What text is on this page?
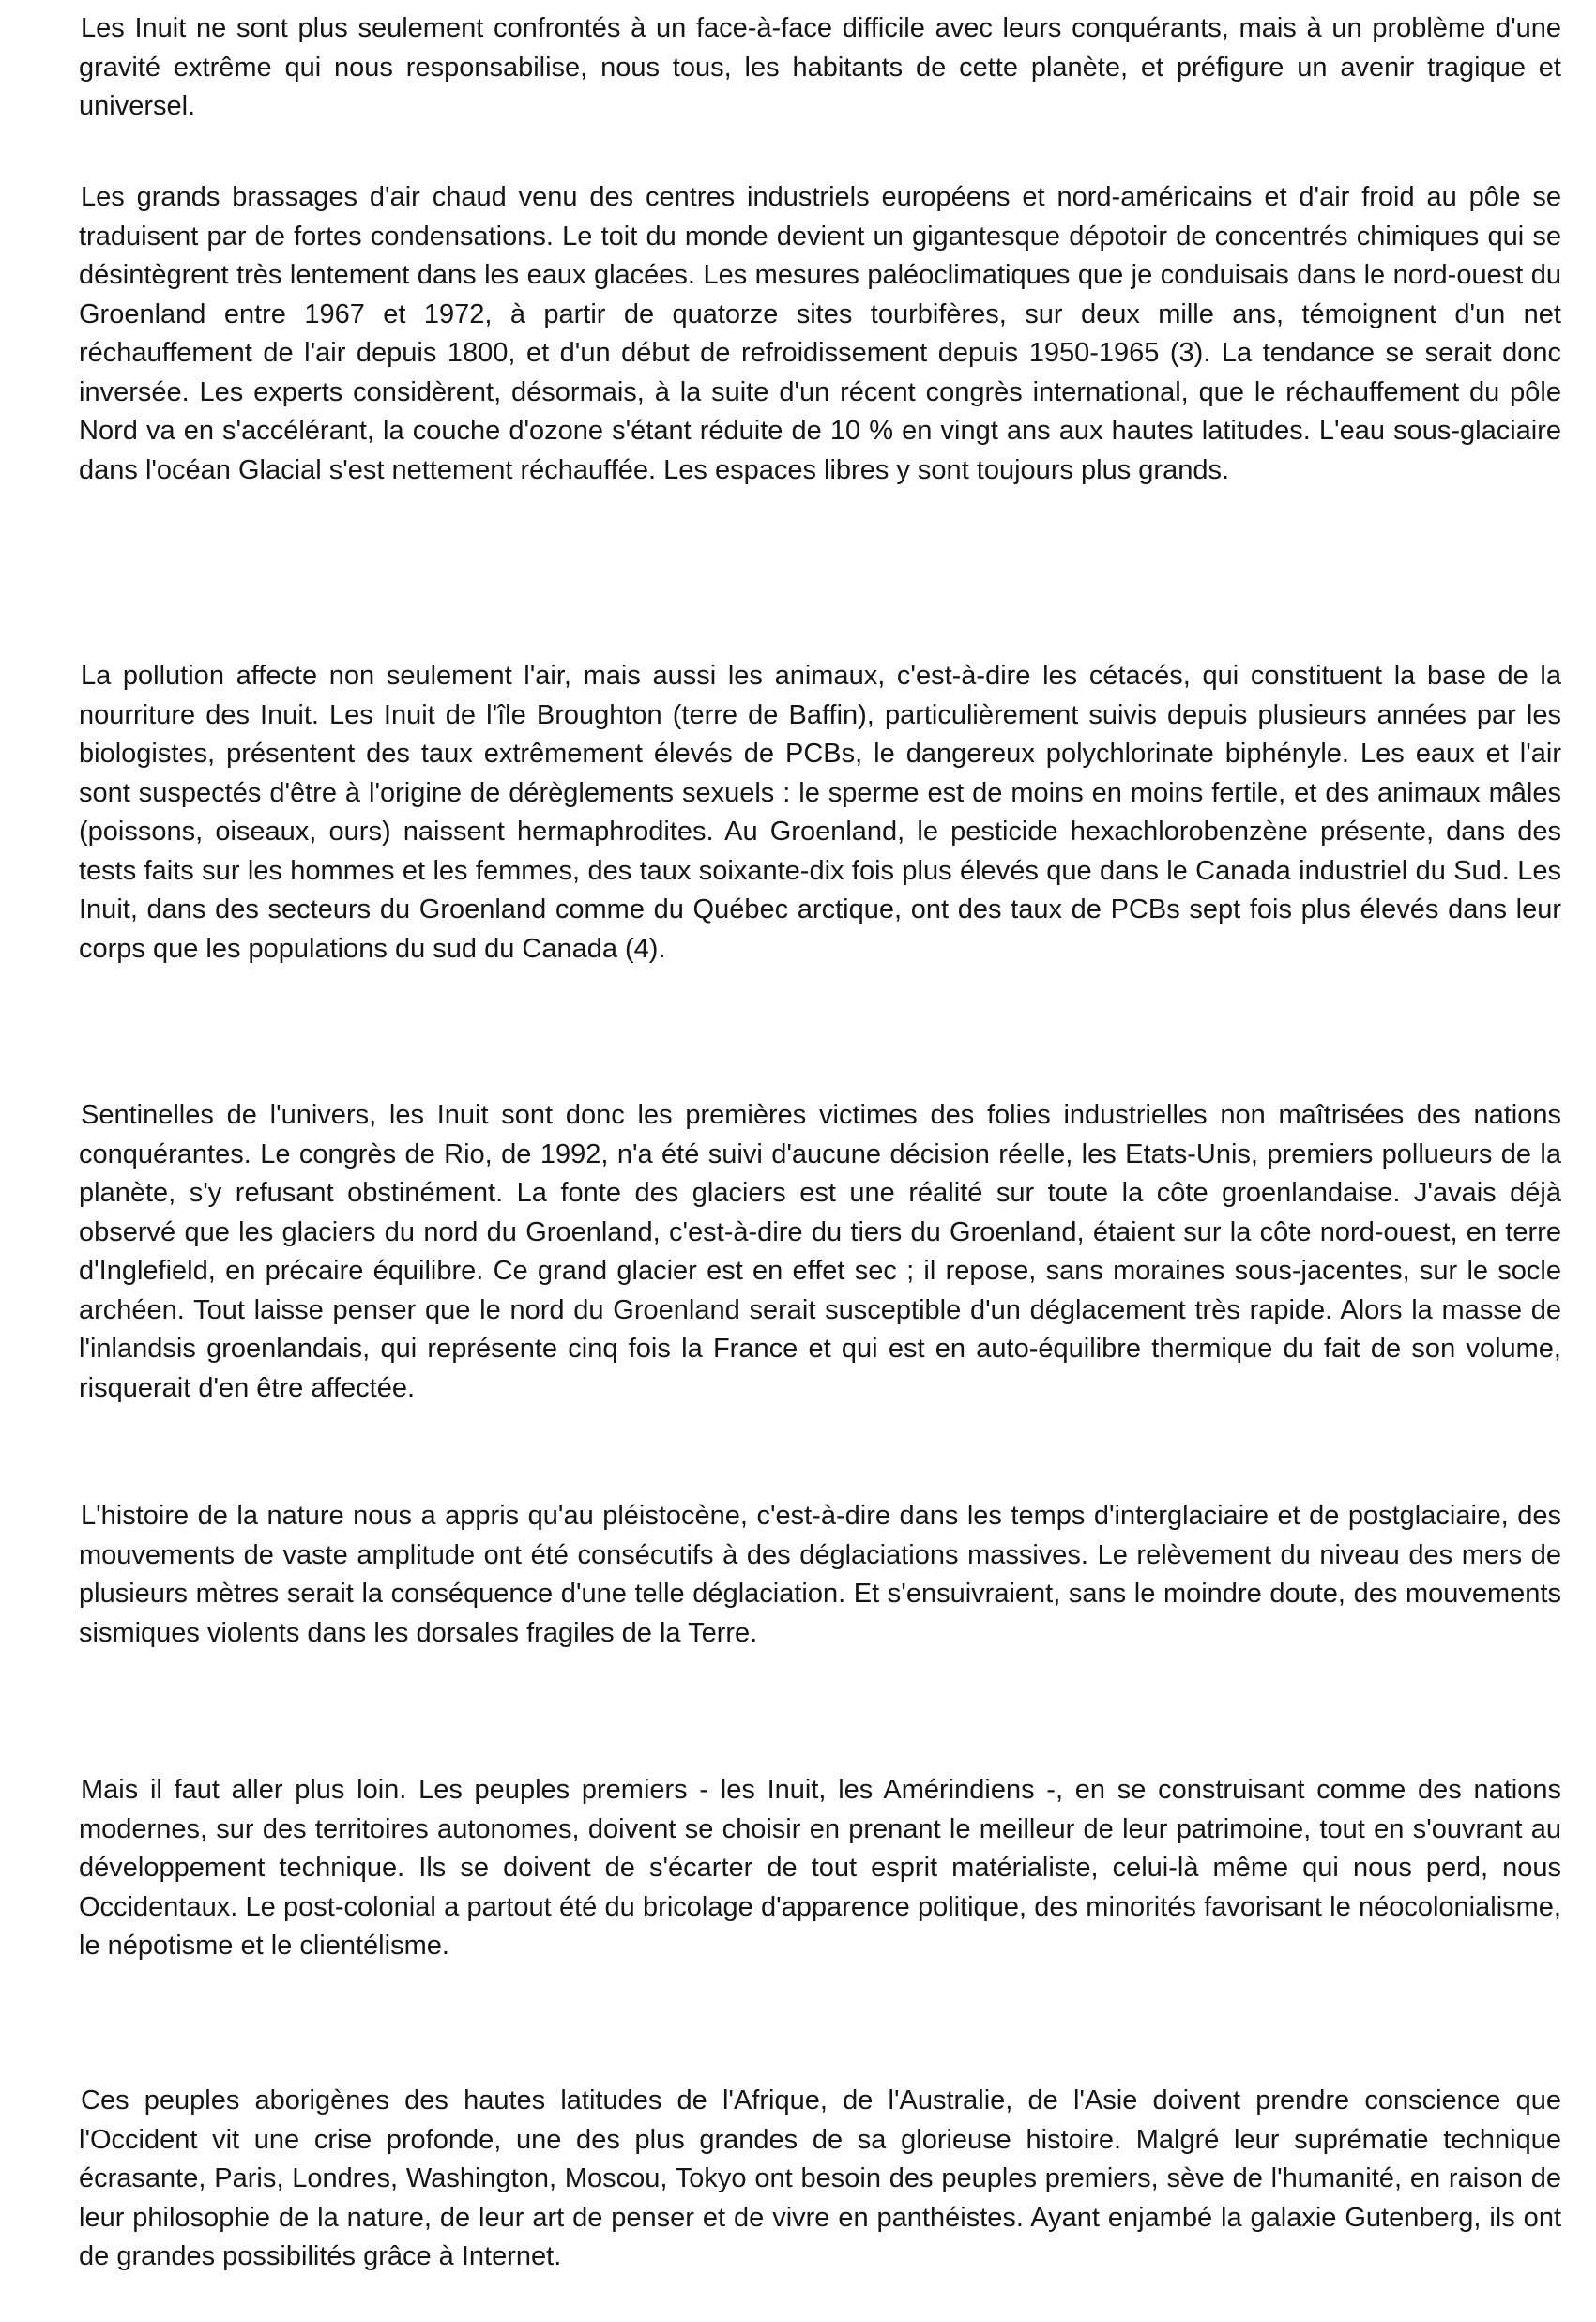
Les Inuit ne sont plus seulement confrontés à un face-à-face difficile avec leurs conquérants, mais à un problème d'une gravité extrême qui nous responsabilise, nous tous, les habitants de cette planète, et préfigure un avenir tragique et universel.

Les grands brassages d'air chaud venu des centres industriels européens et nord-américains et d'air froid au pôle se traduisent par de fortes condensations. Le toit du monde devient un gigantesque dépotoir de concentrés chimiques qui se désintègrent très lentement dans les eaux glacées. Les mesures paléoclimatiques que je conduisais dans le nord-ouest du Groenland entre 1967 et 1972, à partir de quatorze sites tourbifères, sur deux mille ans, témoignent d'un net réchauffement de l'air depuis 1800, et d'un début de refroidissement depuis 1950-1965 (3). La tendance se serait donc inversée. Les experts considèrent, désormais, à la suite d'un récent congrès international, que le réchauffement du pôle Nord va en s'accélérant, la couche d'ozone s'étant réduite de 10 % en vingt ans aux hautes latitudes. L'eau sous-glaciaire dans l'océan Glacial s'est nettement réchauffée. Les espaces libres y sont toujours plus grands.

La pollution affecte non seulement l'air, mais aussi les animaux, c'est-à-dire les cétacés, qui constituent la base de la nourriture des Inuit. Les Inuit de l'île Broughton (terre de Baffin), particulièrement suivis depuis plusieurs années par les biologistes, présentent des taux extrêmement élevés de PCBs, le dangereux polychlorinate biphényle. Les eaux et l'air sont suspectés d'être à l'origine de dérèglements sexuels : le sperme est de moins en moins fertile, et des animaux mâles (poissons, oiseaux, ours) naissent hermaphrodites. Au Groenland, le pesticide hexachlorobenzène présente, dans des tests faits sur les hommes et les femmes, des taux soixante-dix fois plus élevés que dans le Canada industriel du Sud. Les Inuit, dans des secteurs du Groenland comme du Québec arctique, ont des taux de PCBs sept fois plus élevés dans leur corps que les populations du sud du Canada (4).

Sentinelles de l'univers, les Inuit sont donc les premières victimes des folies industrielles non maîtrisées des nations conquérantes. Le congrès de Rio, de 1992, n'a été suivi d'aucune décision réelle, les Etats-Unis, premiers pollueurs de la planète, s'y refusant obstinément. La fonte des glaciers est une réalité sur toute la côte groenlandaise. J'avais déjà observé que les glaciers du nord du Groenland, c'est-à-dire du tiers du Groenland, étaient sur la côte nord-ouest, en terre d'Inglefield, en précaire équilibre. Ce grand glacier est en effet sec ; il repose, sans moraines sous-jacentes, sur le socle archéen. Tout laisse penser que le nord du Groenland serait susceptible d'un déglacement très rapide. Alors la masse de l'inlandsis groenlandais, qui représente cinq fois la France et qui est en auto-équilibre thermique du fait de son volume, risquerait d'en être affectée.

L'histoire de la nature nous a appris qu'au pléistocène, c'est-à-dire dans les temps d'interglaciaire et de postglaciaire, des mouvements de vaste amplitude ont été consécutifs à des déglaciations massives. Le relèvement du niveau des mers de plusieurs mètres serait la conséquence d'une telle déglaciation. Et s'ensuivraient, sans le moindre doute, des mouvements sismiques violents dans les dorsales fragiles de la Terre.

Mais il faut aller plus loin. Les peuples premiers - les Inuit, les Amérindiens -, en se construisant comme des nations modernes, sur des territoires autonomes, doivent se choisir en prenant le meilleur de leur patrimoine, tout en s'ouvrant au développement technique. Ils se doivent de s'écarter de tout esprit matérialiste, celui-là même qui nous perd, nous Occidentaux. Le post-colonial a partout été du bricolage d'apparence politique, des minorités favorisant le néocolonialisme, le népotisme et le clientélisme.

Ces peuples aborigènes des hautes latitudes de l'Afrique, de l'Australie, de l'Asie doivent prendre conscience que l'Occident vit une crise profonde, une des plus grandes de sa glorieuse histoire. Malgré leur suprématie technique écrasante, Paris, Londres, Washington, Moscou, Tokyo ont besoin des peuples premiers, sève de l'humanité, en raison de leur philosophie de la nature, de leur art de penser et de vivre en panthéistes. Ayant enjambé la galaxie Gutenberg, ils ont de grandes possibilités grâce à Internet.
